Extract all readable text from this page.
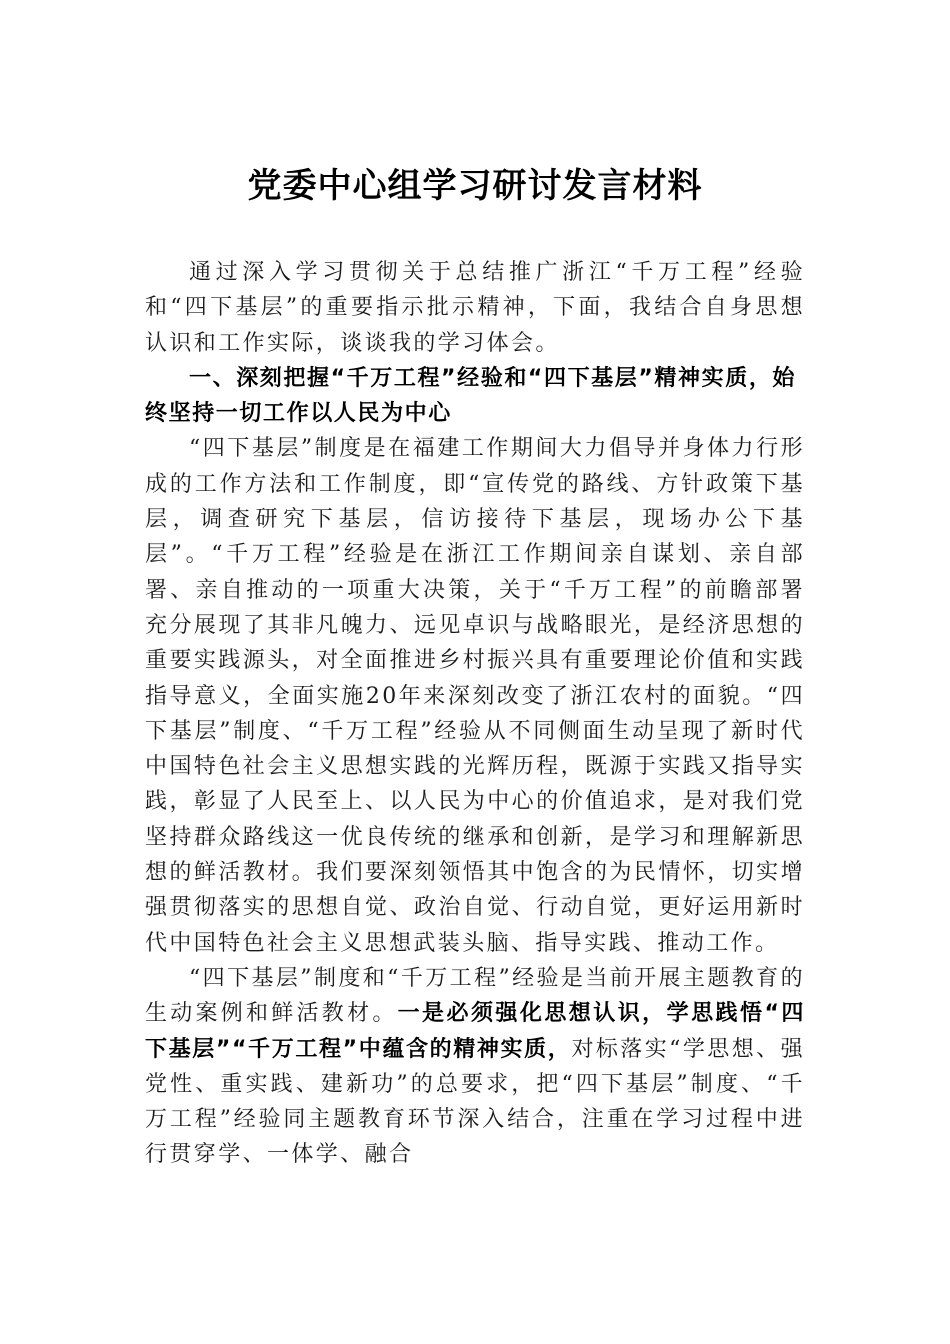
党委中心组学习研讨发言材料

通过深入学习贯彻关于总结推广浙江“千万工程”经验和“四下基层”的重要指示批示精神，下面，我结合自身思想认识和工作实际，谈谈我的学习体会。

一、深刻把握“千万工程”经验和“四下基层”精神实质，始终坚持一切工作以人民为中心

“四下基层”制度是在福建工作期间大力倡导并身体力行形成的工作方法和工作制度，即“宣传党的路线、方针政策下基层，调查研究下基层，信访接待下基层，现场办公下基层”。“千万工程”经验是在浙江工作期间亲自谋划、亲自部署、亲自推动的一项重大决策，关于“千万工程”的前瞻部署充分展现了其非凡魄力、远见卓识与战略眼光，是经济思想的重要实践源头，对全面推进乡村振兴具有重要理论价值和实践指导意义，全面实施20年来深刻改变了浙江农村的面貌。“四下基层”制度、“千万工程”经验从不同侧面生动呈现了新时代中国特色社会主义思想实践的光辉历程，既源于实践又指导实践，彰显了人民至上、以人民为中心的价值追求，是对我们党坚持群众路线这一优良传统的继承和创新，是学习和理解新思想的鲜活教材。我们要深刻领悟其中饱含的为民情怀，切实增强贯彻落实的思想自觉、政治自觉、行动自觉，更好运用新时代中国特色社会主义思想武装头脑、指导实践、推动工作。

“四下基层”制度和“千万工程”经验是当前开展主题教育的生动案例和鲜活教材。一是必须强化思想认识，学思践悟“四下基层”“千万工程”中蕴含的精神实质，对标落实“学思想、强党性、重实践、建新功”的总要求，把“四下基层”制度、“千万工程”经验同主题教育环节深入结合，注重在学习过程中进行贯穿学、一体学、融合
